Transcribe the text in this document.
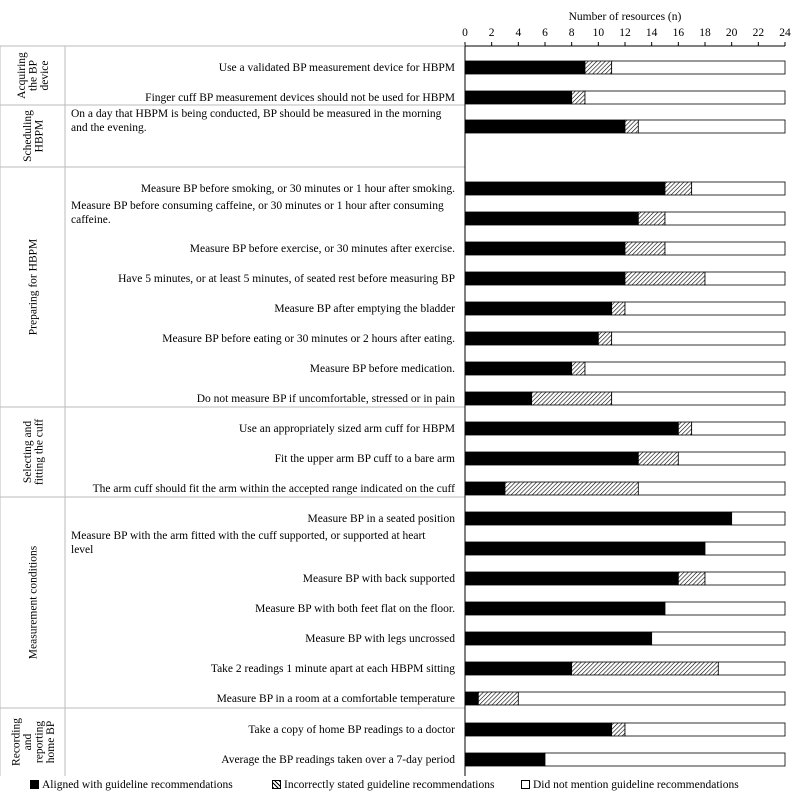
Number of resources (n)
0 2 4 6 8 10 12 14 16 18 20 22 24
Acquiringthe BPdevice	Use a validated BP measurement device for HBPM
Finger cuff BP measurement devices should not be used for HBPM
SchedulingHBPM
On a day that HBPM is being conducted, BP should be measured in the morning and the evening.
Preparing for HBPM
Measure BP before smoking, or 30 minutes or 1 hour after smoking.
Measure BP before consuming caffeine, or 30 minutes or 1 hour after consuming caffeine.
Measure BP before exercise, or 30 minutes after exercise.
Have 5 minutes, or at least 5 minutes, of seated rest before measuring BP
Measure BP after emptying the bladder
Measure BP before eating or 30 minutes or 2 hours after eating.
Measure BP before medication.
Do not measure BP if uncomfortable, stressed or in pain
Selecting andfitting the cuff	Use an appropriately sized arm cuff for HBPM
Fit the upper arm BP cuff to a bare arm
The arm cuff should fit the arm within the accepted range indicated on the cuff
Measurement conditions
Measure BP in a seated position
Measure BP with the arm fitted with the cuff supported, or supported at heart level
Measure BP with back supported
Measure BP with both feet flat on the floor.
Measure BP with legs uncrossed
Take 2 readings 1 minute apart at each HBPM sitting
Measure BP in a room at a comfortable temperature
Recordingandreportinghome BP	Take a copy of home BP readings to a doctor
Average the BP readings taken over a 7-day period
Aligned with guideline recommendations	Incorrectly stated guideline recommendations	Did not mention guideline recommendations
